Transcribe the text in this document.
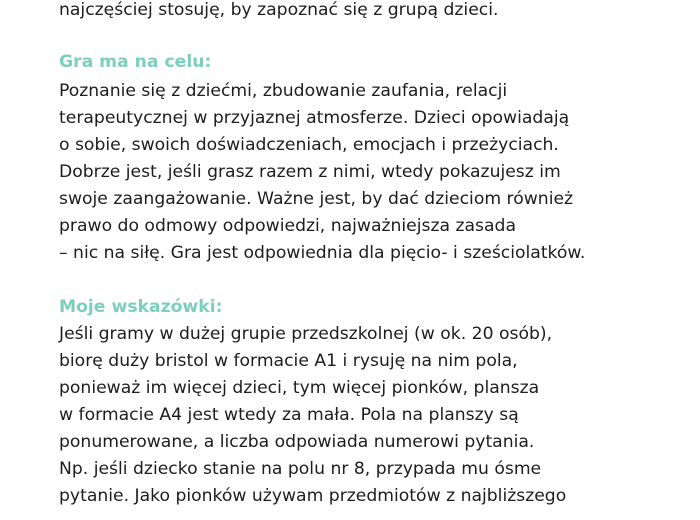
najczęściej stosuję, by zapoznać się z grupą dzieci.

Gra ma na celu:

Poznanie się z dziećmi, zbudowanie zaufania, relacji

terapeutycznej w przyjaznej atmosferze. Dzieci opowiadają

o sobie, swoich doświadczeniach, emocjach i przeżyciach.

Dobrze jest, jeśli grasz razem z nimi, wtedy pokazujesz im

swoje zaangażowanie. Ważne jest, by dać dzieciom również

prawo do odmowy odpowiedzi, najważniejsza zasada

– nic na siłę. Gra jest odpowiednia dla pięcio- i sześciolatków.

Moje wskazówki:

Jeśli gramy w dużej grupie przedszkolnej (w ok. 20 osób),

biorę duży bristol w formacie A1 i rysuję na nim pola,

ponieważ im więcej dzieci, tym więcej pionków, plansza

w formacie A4 jest wtedy za mała. Pola na planszy są

ponumerowane, a liczba odpowiada numerowi pytania.

Np. jeśli dziecko stanie na polu nr 8, przypada mu ósme

pytanie. Jako pionków używam przedmiotów z najbliższego
